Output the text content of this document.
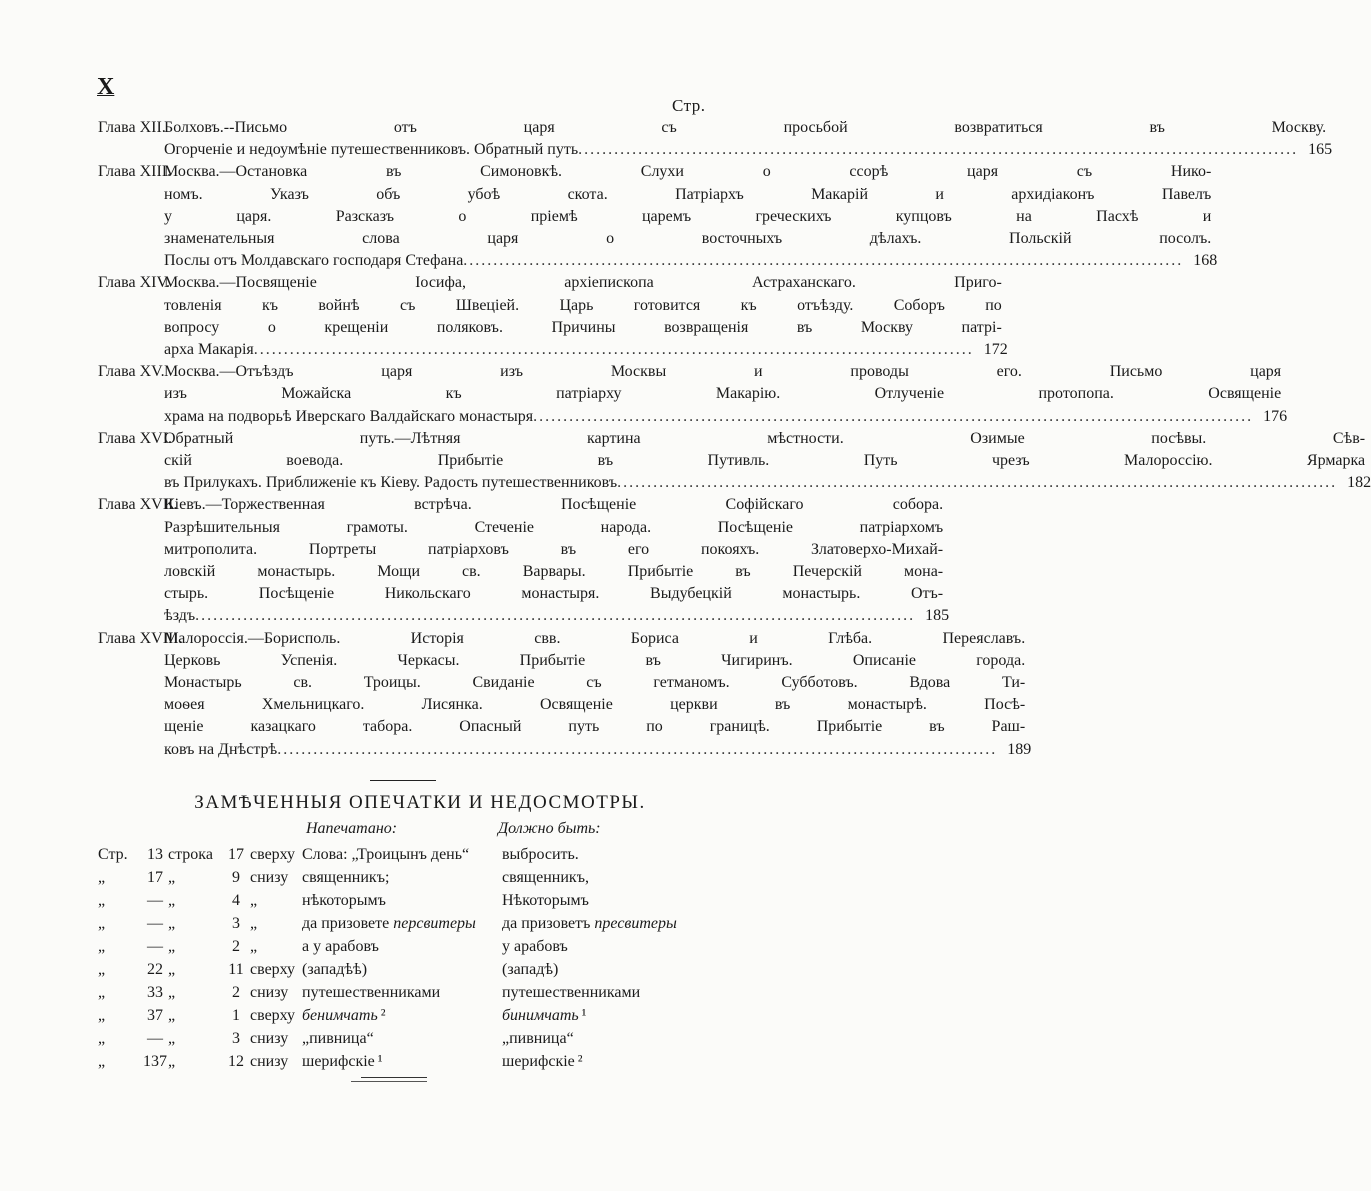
X
Стр.
Глава XII.
Болховъ.--Письмо отъ царя съ просьбой возвратиться въ Москву.
Огорченіе и недоумѣніе путешественниковъ. Обратный путь ........................................................................................................................ 165
Глава XIII.
Москва.—Остановка въ Симоновкѣ. Слухи о ссорѣ царя съ Нико-
номъ. Указъ объ убоѣ скота. Патріархъ Макарій и архидіаконъ Павелъ
у царя. Разсказъ о пріемѣ царемъ греческихъ купцовъ на Пасхѣ и
знаменательныя слова царя о восточныхъ дѣлахъ. Польскій посолъ.
Послы отъ Молдавскаго господаря Стефана ........................................................................................................................ 168
Глава XIV.
Москва.—Посвященіе Іосифа, архіепископа Астраханскаго. Приго-
товленія къ войнѣ съ Швеціей. Царь готовится къ отъѣзду. Соборъ по
вопросу о крещеніи поляковъ. Причины возвращенія въ Москву патрі-
арха Макарія ........................................................................................................................ 172
Глава XV. Москва.—Отъѣздъ царя изъ Москвы и проводы его. Письмо царя
изъ Можайска къ патріарху Макарію. Отлученіе протопопа. Освященіе
храма на подворьѣ Иверскаго Валдайскаго монастыря ........................................................................................................................ 176
Глава XVI.
Обратный путь.—Лѣтняя картина мѣстности. Озимые посѣвы. Сѣв-
скій воевода. Прибытіе въ Путивль. Путь чрезъ Малороссію. Ярмарка
въ Прилукахъ. Приближеніе къ Кіеву. Радость путешественниковъ ........................................................................................................................ 182
Глава XVII.
Кіевъ.—Торжественная встрѣча. Посѣщеніе Софійскаго собора.
Разрѣшительныя грамоты. Стеченіе народа. Посѣщеніе патріархомъ
митрополита. Портреты патріарховъ въ его покояхъ. Златоверхо-Михай-
ловскій монастырь. Мощи св. Варвары. Прибытіе въ Печерскій мона-
стырь. Посѣщеніе Никольскаго монастыря. Выдубецкій монастырь. Отъ-
ѣздъ ........................................................................................................................ 185
Глава XVIII.
Малороссія.—Борисполь. Исторія свв. Бориса и Глѣба. Переяславъ.
Церковь Успенія. Черкасы. Прибытіе въ Чигиринъ. Описаніе города.
Монастырь св. Троицы. Свиданіе съ гетманомъ. Субботовъ. Вдова Ти-
моѳея Хмельницкаго. Лисянка. Освященіе церкви въ монастырѣ. Посѣ-
щеніе казацкаго табора. Опасный путь по границѣ. Прибытіе въ Раш-
ковъ на Днѣстрѣ ........................................................................................................................ 189
ЗАМѢЧЕННЫЯ ОПЕЧАТКИ И НЕДОСМОТРЫ.
Напечатано:	Должно быть:
Стр.	13	строка	17	сверху	Слова: „Троицынъ день“	выбросить.
„	17	„	9	снизу	священникъ;	священникъ,
„	—	„	4	„	нѣкоторымъ	Нѣкоторымъ
„	—	„	3	„	да призовете персвитеры	да призоветъ пресвитеры
„	—	„	2	„	а у арабовъ	у арабовъ
„	22	„	11	сверху	(западѣѣ)	(западѣ)
„	33	„	2	снизу	путешественниками	путешественниками
„	37	„	1	сверху	бенимчать ²	бинимчать ¹
„	—	„	3	снизу	„пивница“	„пивница“
„	137	„	12	снизу	шерифскіе ¹	шерифскіе ²
